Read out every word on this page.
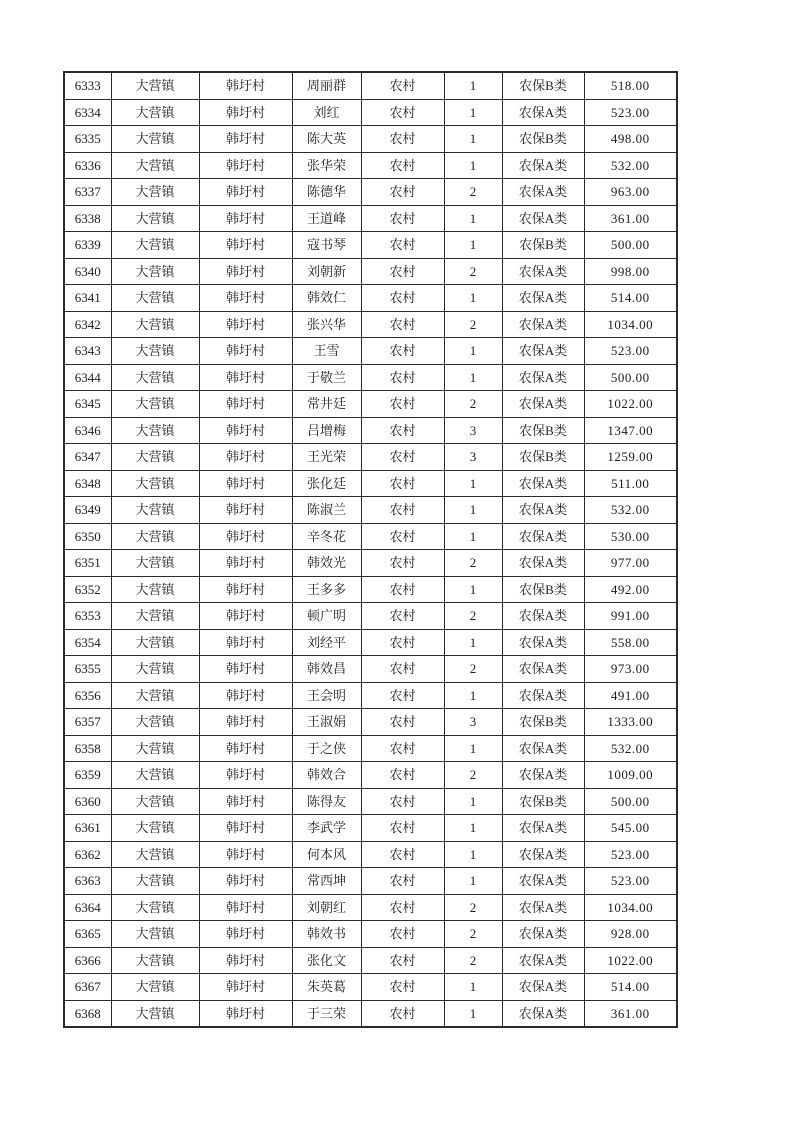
6333	大营镇	韩圩村	周丽群	农村	1	农保B类	518.00
6334	大营镇	韩圩村	刘红	农村	1	农保A类	523.00
6335	大营镇	韩圩村	陈大英	农村	1	农保B类	498.00
6336	大营镇	韩圩村	张华荣	农村	1	农保A类	532.00
6337	大营镇	韩圩村	陈德华	农村	2	农保A类	963.00
6338	大营镇	韩圩村	王道峰	农村	1	农保A类	361.00
6339	大营镇	韩圩村	寇书琴	农村	1	农保B类	500.00
6340	大营镇	韩圩村	刘朝新	农村	2	农保A类	998.00
6341	大营镇	韩圩村	韩效仁	农村	1	农保A类	514.00
6342	大营镇	韩圩村	张兴华	农村	2	农保A类	1034.00
6343	大营镇	韩圩村	王雪	农村	1	农保A类	523.00
6344	大营镇	韩圩村	于敬兰	农村	1	农保A类	500.00
6345	大营镇	韩圩村	常井廷	农村	2	农保A类	1022.00
6346	大营镇	韩圩村	吕增梅	农村	3	农保B类	1347.00
6347	大营镇	韩圩村	王光荣	农村	3	农保B类	1259.00
6348	大营镇	韩圩村	张化廷	农村	1	农保A类	511.00
6349	大营镇	韩圩村	陈淑兰	农村	1	农保A类	532.00
6350	大营镇	韩圩村	辛冬花	农村	1	农保A类	530.00
6351	大营镇	韩圩村	韩效光	农村	2	农保A类	977.00
6352	大营镇	韩圩村	王多多	农村	1	农保B类	492.00
6353	大营镇	韩圩村	顿广明	农村	2	农保A类	991.00
6354	大营镇	韩圩村	刘经平	农村	1	农保A类	558.00
6355	大营镇	韩圩村	韩效昌	农村	2	农保A类	973.00
6356	大营镇	韩圩村	王会明	农村	1	农保A类	491.00
6357	大营镇	韩圩村	王淑娟	农村	3	农保B类	1333.00
6358	大营镇	韩圩村	于之侠	农村	1	农保A类	532.00
6359	大营镇	韩圩村	韩效合	农村	2	农保A类	1009.00
6360	大营镇	韩圩村	陈得友	农村	1	农保B类	500.00
6361	大营镇	韩圩村	李武学	农村	1	农保A类	545.00
6362	大营镇	韩圩村	何本风	农村	1	农保A类	523.00
6363	大营镇	韩圩村	常西坤	农村	1	农保A类	523.00
6364	大营镇	韩圩村	刘朝红	农村	2	农保A类	1034.00
6365	大营镇	韩圩村	韩效书	农村	2	农保A类	928.00
6366	大营镇	韩圩村	张化文	农村	2	农保A类	1022.00
6367	大营镇	韩圩村	朱英葛	农村	1	农保A类	514.00
6368	大营镇	韩圩村	于三荣	农村	1	农保A类	361.00
